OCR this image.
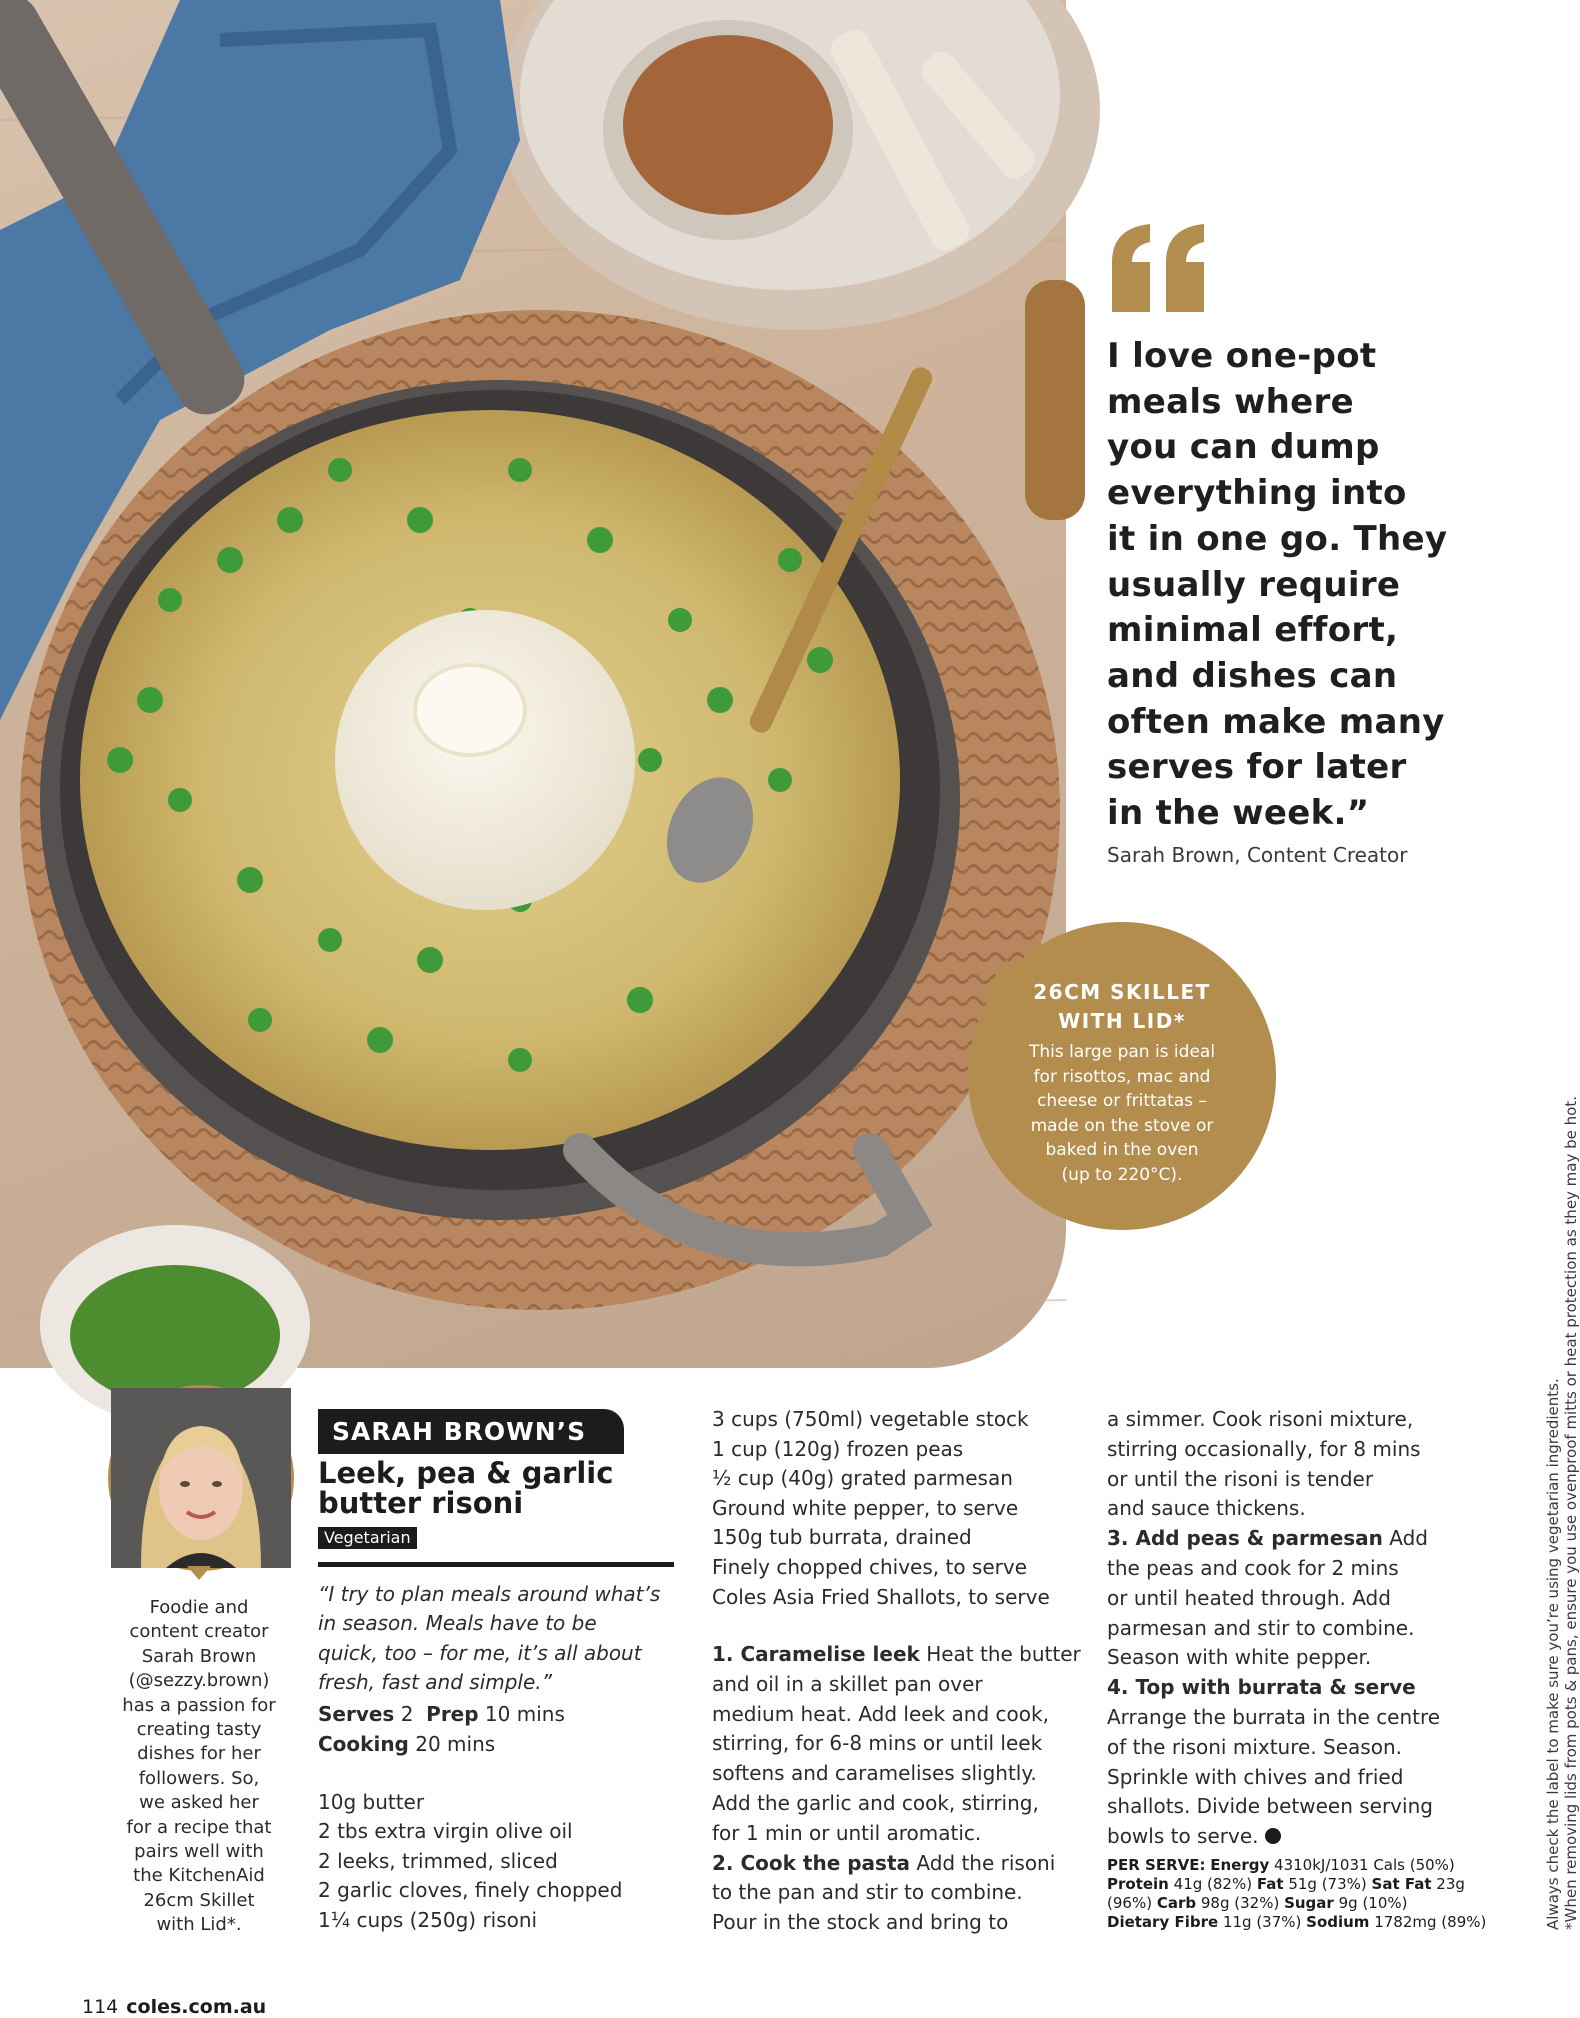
I love one-pot
meals where
you can dump
everything into
it in one go. They
usually require
minimal effort,
and dishes can
often make many
serves for later
in the week.”

Sarah Brown, Content Creator
26CM SKILLET
WITH LID*
This large pan is ideal
for risottos, mac and
cheese or frittatas –
made on the stove or
baked in the oven
(up to 220°C).
Always check the label to make sure you’re using vegetarian ingredients. *When removing lids from pots & pans, ensure you use ovenproof mitts or heat protection as they may be hot.
Foodie and
content creator
Sarah Brown
(@sezzy.brown)
has a passion for
creating tasty
dishes for her
followers. So,
we asked her
for a recipe that
pairs well with
the KitchenAid
26cm Skillet
with Lid*.
SARAH BROWN’S
Leek, pea & garlic
butter risoni
Vegetarian
“I try to plan meals around what’s
in season. Meals have to be
quick, too – for me, it’s all about
fresh, fast and simple.”
Serves 2 Prep 10 mins
Cooking 20 mins
10g butter
2 tbs extra virgin olive oil
2 leeks, trimmed, sliced
2 garlic cloves, finely chopped
1¼ cups (250g) risoni
3 cups (750ml) vegetable stock
1 cup (120g) frozen peas
½ cup (40g) grated parmesan
Ground white pepper, to serve
150g tub burrata, drained
Finely chopped chives, to serve
Coles Asia Fried Shallots, to serve
1. Caramelise leek Heat the butter
and oil in a skillet pan over
medium heat. Add leek and cook,
stirring, for 6-8 mins or until leek
softens and caramelises slightly.
Add the garlic and cook, stirring,
for 1 min or until aromatic.
2. Cook the pasta Add the risoni
to the pan and stir to combine.
Pour in the stock and bring to
a simmer. Cook risoni mixture,
stirring occasionally, for 8 mins
or until the risoni is tender
and sauce thickens.
3. Add peas & parmesan Add
the peas and cook for 2 mins
or until heated through. Add
parmesan and stir to combine.
Season with white pepper.
4. Top with burrata & serve
Arrange the burrata in the centre
of the risoni mixture. Season.
Sprinkle with chives and fried
shallots. Divide between serving
bowls to serve.
PER SERVE: Energy 4310kJ/1031 Cals (50%)
Protein 41g (82%) Fat 51g (73%) Sat Fat 23g
(96%) Carb 98g (32%) Sugar 9g (10%)
Dietary Fibre 11g (37%) Sodium 1782mg (89%)
114 coles.com.au
